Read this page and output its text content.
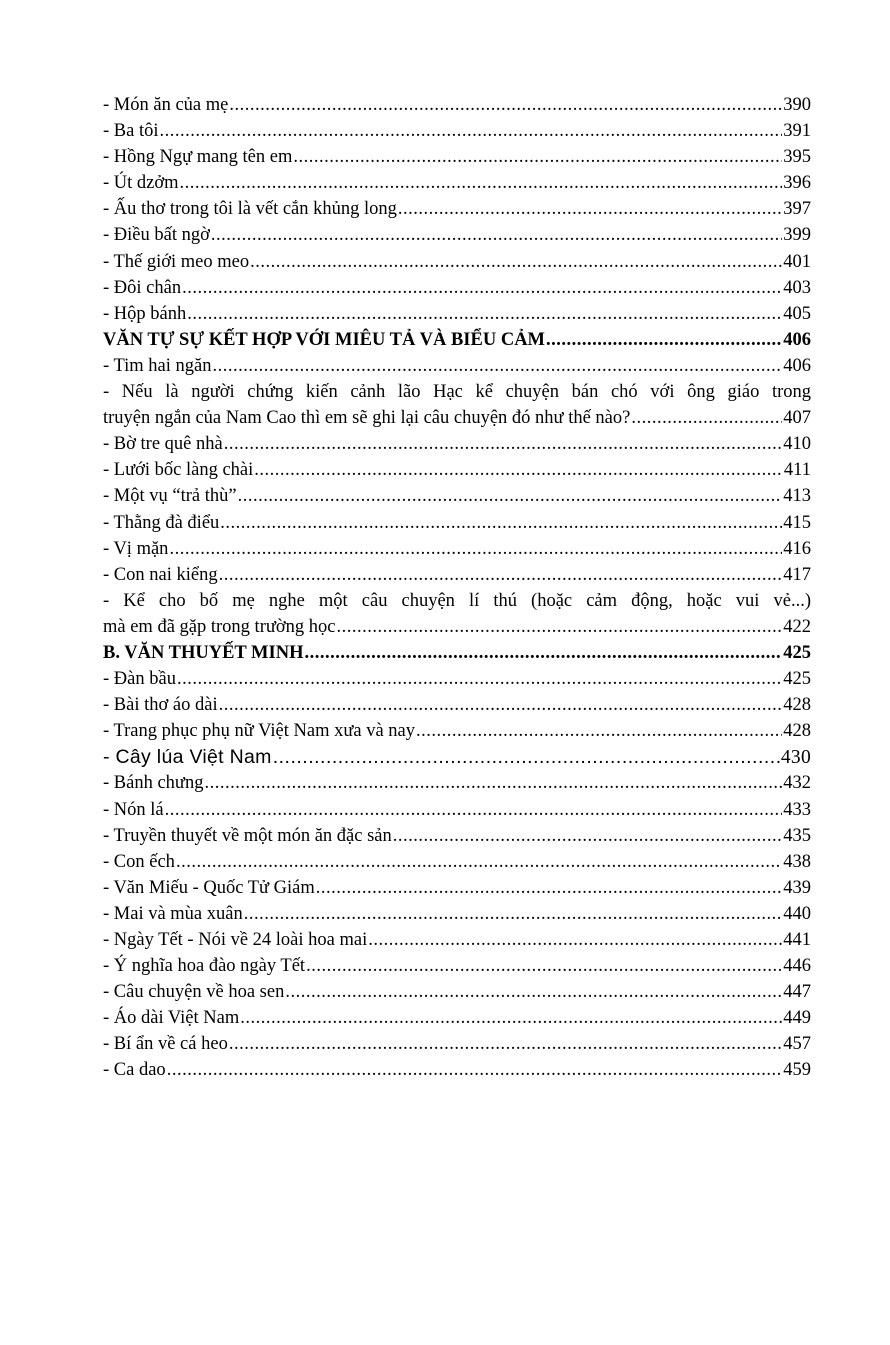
- Món ăn của mẹ .....	390
- Ba tôi .....	391
- Hồng Ngự mang tên em .....	395
- Út dzởm .....	396
- Ấu thơ trong tôi là vết cắn khủng long .....	397
- Điều bất ngờ .....	399
- Thế giới meo meo .....	401
- Đôi chân .....	403
- Hộp bánh .....	405
VĂN TỰ SỰ KẾT HỢP VỚI MIÊU TẢ VÀ BIỂU CẢM .....	406
- Tim hai ngăn .....	406
- Nếu là người chứng kiến cảnh lão Hạc kể chuyện bán chó với ông giáo trong
truyện ngắn của Nam Cao thì em sẽ ghi lại câu chuyện đó như thế nào? .....	407
- Bờ tre quê nhà .....	410
- Lưới bốc làng chài .....	411
- Một vụ “trả thù” .....	413
- Thằng đà điểu .....	415
- Vị mặn .....	416
- Con nai kiểng .....	417
- Kể cho bố mẹ nghe một câu chuyện lí thú (hoặc cảm động, hoặc vui vẻ...)
mà em đã gặp trong trường học .....	422
B. VĂN THUYẾT MINH .....	425
- Đàn bầu .....	425
- Bài thơ áo dài .....	428
- Trang phục phụ nữ Việt Nam xưa và nay .....	428
- Cây lúa Việt Nam .....	430
- Bánh chưng .....	432
- Nón lá .....	433
- Truyền thuyết về một món ăn đặc sản .....	435
- Con ếch .....	438
- Văn Miếu - Quốc Tử Giám .....	439
- Mai và mùa xuân .....	440
- Ngày Tết - Nói về 24 loài hoa mai .....	441
- Ý nghĩa hoa đào ngày Tết .....	446
- Câu chuyện về hoa sen .....	447
- Áo dài Việt Nam .....	449
- Bí ẩn về cá heo .....	457
- Ca dao .....	459
